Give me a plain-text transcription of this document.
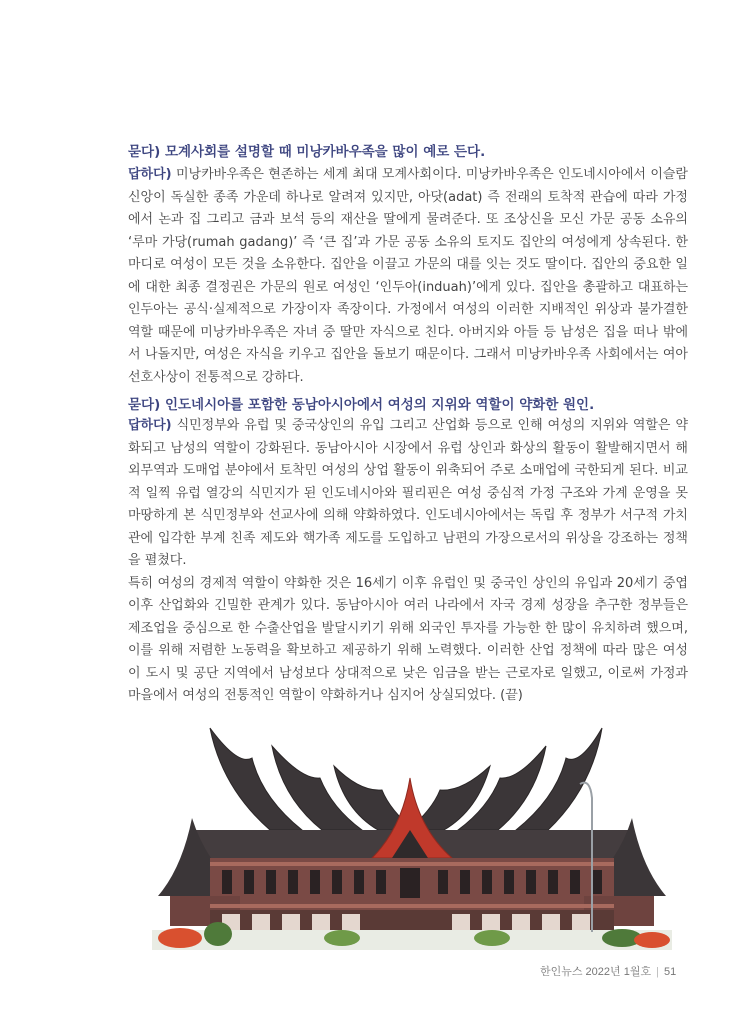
묻다) 모계사회를 설명할 때 미낭카바우족을 많이 예로 든다.

답하다) 미낭카바우족은 현존하는 세계 최대 모계사회이다. 미낭카바우족은 인도네시아에서 이슬람 신앙이 독실한 종족 가운데 하나로 알려져 있지만, 아닷(adat) 즉 전래의 토착적 관습에 따라 가정에서 논과 집 그리고 금과 보석 등의 재산을 딸에게 물려준다. 또 조상신을 모신 가문 공동 소유의 ‘루마 가당(rumah gadang)’ 즉 ‘큰 집’과 가문 공동 소유의 토지도 집안의 여성에게 상속된다. 한마디로 여성이 모든 것을 소유한다. 집안을 이끌고 가문의 대를 잇는 것도 딸이다. 집안의 중요한 일에 대한 최종 결정권은 가문의 원로 여성인 ‘인두아(induah)’에게 있다. 집안을 총괄하고 대표하는 인두아는 공식·실제적으로 가장이자 족장이다. 가정에서 여성의 이러한 지배적인 위상과 불가결한 역할 때문에 미낭카바우족은 자녀 중 딸만 자식으로 친다. 아버지와 아들 등 남성은 집을 떠나 밖에서 나돌지만, 여성은 자식을 키우고 집안을 돌보기 때문이다. 그래서 미낭카바우족 사회에서는 여아선호사상이 전통적으로 강하다.

묻다) 인도네시아를 포함한 동남아시아에서 여성의 지위와 역할이 약화한 원인.

답하다) 식민정부와 유럽 및 중국상인의 유입 그리고 산업화 등으로 인해 여성의 지위와 역할은 약화되고 남성의 역할이 강화된다. 동남아시아 시장에서 유럽 상인과 화상의 활동이 활발해지면서 해외무역과 도매업 분야에서 토착민 여성의 상업 활동이 위축되어 주로 소매업에 국한되게 된다. 비교적 일찍 유럽 열강의 식민지가 된 인도네시아와 필리핀은 여성 중심적 가정 구조와 가계 운영을 못마땅하게 본 식민정부와 선교사에 의해 약화하였다. 인도네시아에서는 독립 후 정부가 서구적 가치관에 입각한 부계 친족 제도와 핵가족 제도를 도입하고 남편의 가장으로서의 위상을 강조하는 정책을 펼쳤다.

특히 여성의 경제적 역할이 약화한 것은 16세기 이후 유럽인 및 중국인 상인의 유입과 20세기 중엽 이후 산업화와 긴밀한 관계가 있다. 동남아시아 여러 나라에서 자국 경제 성장을 추구한 정부들은 제조업을 중심으로 한 수출산업을 발달시키기 위해 외국인 투자를 가능한 한 많이 유치하려 했으며, 이를 위해 저렴한 노동력을 확보하고 제공하기 위해 노력했다. 이러한 산업 정책에 따라 많은 여성이 도시 및 공단 지역에서 남성보다 상대적으로 낮은 임금을 받는 근로자로 일했고, 이로써 가정과 마을에서 여성의 전통적인 역할이 약화하거나 심지어 상실되었다. (끝)

한인뉴스 2022년 1월호 | 51
